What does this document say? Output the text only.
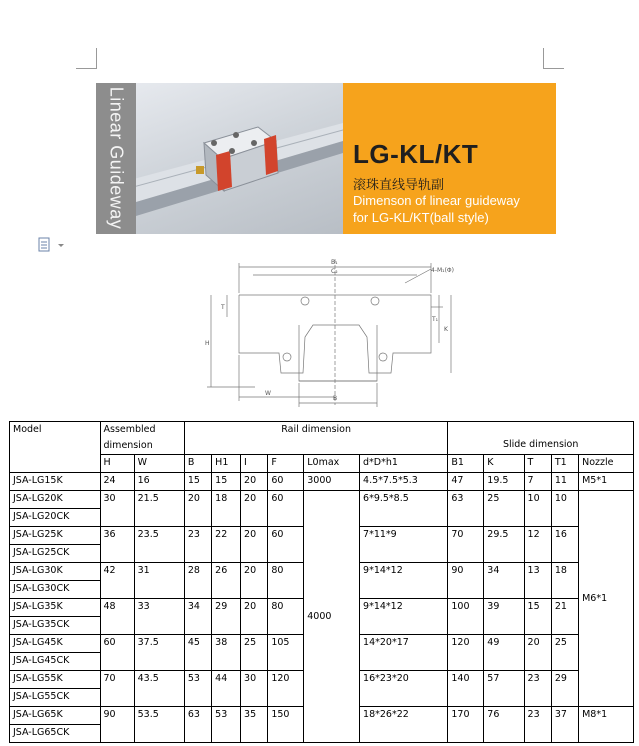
Linear Guideway	LG-KL/KT
滚珠直线导轨副
Dimenson of linear guideway
for LG-KL/KT(ball style)
B₁
C₂	4-M₁(Φ)
T
H
T₁
K
W
B
Model	Assembled
dimension		Rail dimension						Slide dimension				
	H	W	B	H1	I	F	L0max	d*D*h1	B1	K	T	T1	Nozzle
JSA-LG15K	24	16	15	15	20	60	3000	4.5*7.5*5.3	47	19.5	7	11	M5*1
JSA-LG20K	30	21.5	20	18	20	60	4000	6*9.5*8.5	63	25	10	10	M6*1
JSA-LG20CK													
JSA-LG25K	36	23.5	23	22	20	60		7*11*9	70	29.5	12	16	
JSA-LG25CK													
JSA-LG30K	42	31	28	26	20	80		9*14*12	90	34	13	18	
JSA-LG30CK													
JSA-LG35K	48	33	34	29	20	80		9*14*12	100	39	15	21	
JSA-LG35CK													
JSA-LG45K	60	37.5	45	38	25	105		14*20*17	120	49	20	25	
JSA-LG45CK													
JSA-LG55K	70	43.5	53	44	30	120		16*23*20	140	57	23	29	
JSA-LG55CK													
JSA-LG65K	90	53.5	63	53	35	150		18*26*22	170	76	23	37	M8*1
JSA-LG65CK													
